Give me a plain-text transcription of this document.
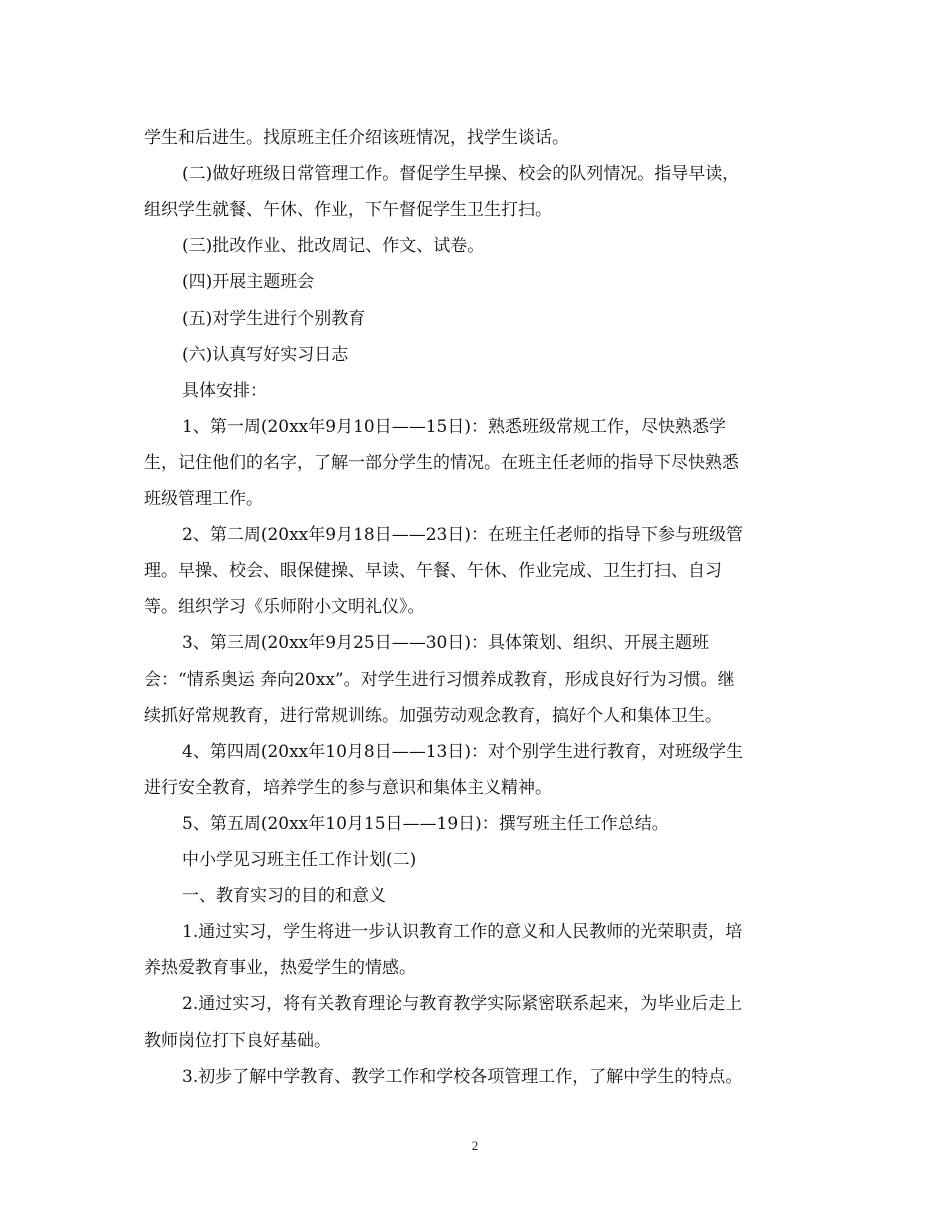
学生和后进生。找原班主任介绍该班情况，找学生谈话。
(二)做好班级日常管理工作。督促学生早操、校会的队列情况。指导早读，
组织学生就餐、午休、作业，下午督促学生卫生打扫。
(三)批改作业、批改周记、作文、试卷。
(四)开展主题班会
(五)对学生进行个别教育
(六)认真写好实习日志
具体安排：
1、第一周(20xx年9月10日——15日)：熟悉班级常规工作，尽快熟悉学
生，记住他们的名字，了解一部分学生的情况。在班主任老师的指导下尽快熟悉
班级管理工作。
2、第二周(20xx年9月18日——23日)：在班主任老师的指导下参与班级管
理。早操、校会、眼保健操、早读、午餐、午休、作业完成、卫生打扫、自习
等。组织学习《乐师附小文明礼仪》。
3、第三周(20xx年9月25日——30日)：具体策划、组织、开展主题班
会：“情系奥运 奔向20xx”。对学生进行习惯养成教育，形成良好行为习惯。继
续抓好常规教育，进行常规训练。加强劳动观念教育，搞好个人和集体卫生。
4、第四周(20xx年10月8日——13日)：对个别学生进行教育，对班级学生
进行安全教育，培养学生的参与意识和集体主义精神。
5、第五周(20xx年10月15日——19日)：撰写班主任工作总结。
中小学见习班主任工作计划(二)
一、教育实习的目的和意义
1.通过实习，学生将进一步认识教育工作的意义和人民教师的光荣职责，培
养热爱教育事业，热爱学生的情感。
2.通过实习，将有关教育理论与教育教学实际紧密联系起来，为毕业后走上
教师岗位打下良好基础。
3.初步了解中学教育、教学工作和学校各项管理工作，了解中学生的特点。
2
